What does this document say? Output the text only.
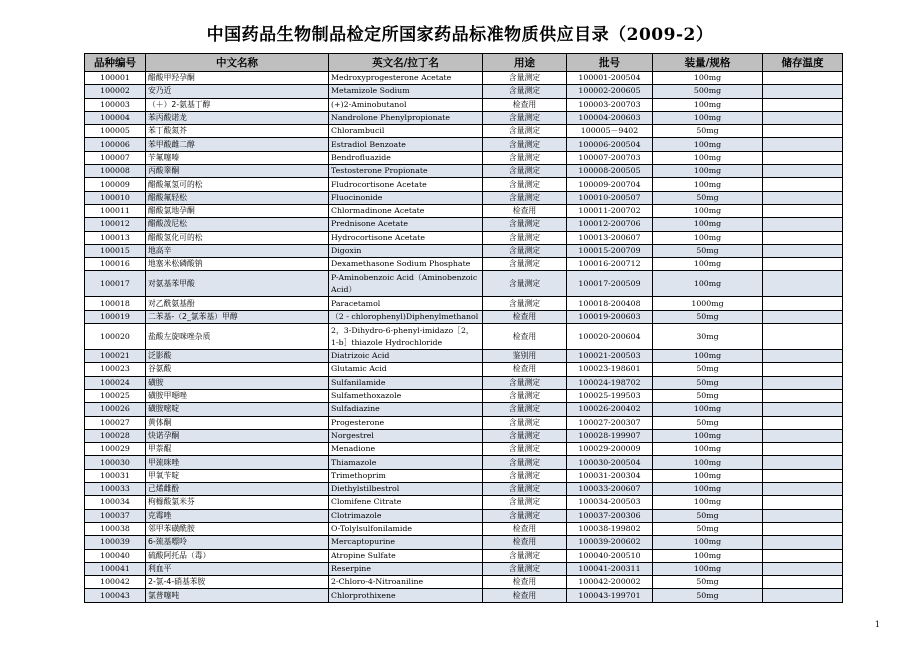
中国药品生物制品检定所国家药品标准物质供应目录（2009-2）
品种编号	中文名称	英文名/拉丁名	用途	批号	装量/规格	储存温度
100001	醋酸甲羟孕酮	Medroxyprogesterone Acetate	含量测定	100001-200504	100mg	
100002	安乃近	Metamizole Sodium	含量测定	100002-200605	500mg	
100003	（＋）2-氨基丁醇	(+)2-Aminobutanol	检查用	100003-200703	100mg	
100004	苯丙酸诺龙	Nandrolone Phenylpropionate	含量测定	100004-200603	100mg	
100005	苯丁酸氮芥	Chlorambucil	含量测定	100005－9402	50mg	
100006	苯甲酸雌二醇	Estradiol Benzoate	含量测定	100006-200504	100mg	
100007	苄氟噻嗪	Bendrofluazide	含量测定	100007-200703	100mg	
100008	丙酸睾酮	Testosterone Propionate	含量测定	100008-200505	100mg	
100009	醋酸氟氢可的松	Fludrocortisone Acetate	含量测定	100009-200704	100mg	
100010	醋酸氟轻松	Fluocinonide	含量测定	100010-200507	50mg	
100011	醋酸氯地孕酮	Chlormadinone Acetate	检查用	100011-200702	100mg	
100012	醋酸泼尼松	Prednisone Acetate	含量测定	100012-200706	100mg	
100013	醋酸氢化可的松	Hydrocortisone Acetate	含量测定	100013-200607	100mg	
100015	地高辛	Digoxin	含量测定	100015-200709	50mg	
100016	地塞米松磷酸钠	Dexamethasone Sodium Phosphate	含量测定	100016-200712	100mg	
100017	对氨基苯甲酸	P-Aminobenzoic Acid（Aminobenzoic Acid）	含量测定	100017-200509	100mg	
100018	对乙酰氨基酚	Paracetamol	含量测定	100018-200408	1000mg	
100019	二苯基-（2_氯苯基）甲醇	（2 - chlorophenyl)Diphenylmethanol	检查用	100019-200603	50mg	
100020	盐酸左旋咪唑杂质	2，3-Dihydro-6-phenyl-imidazo［2，1-b］thiazole Hydrochloride	检查用	100020-200604	30mg	
100021	泛影酸	Diatrizoic Acid	鉴别用	100021-200503	100mg	
100023	谷氨酸	Glutamic Acid	检查用	100023-198601	50mg	
100024	磺胺	Sulfanilamide	含量测定	100024-198702	50mg	
100025	磺胺甲噁唑	Sulfamethoxazole	含量测定	100025-199503	50mg	
100026	磺胺嘧啶	Sulfadiazine	含量测定	100026-200402	100mg	
100027	黄体酮	Progesterone	含量测定	100027-200307	50mg	
100028	炔诺孕酮	Norgestrel	含量测定	100028-199907	100mg	
100029	甲萘醌	Menadione	含量测定	100029-200009	100mg	
100030	甲巯咪唑	Thiamazole	含量测定	100030-200504	100mg	
100031	甲氧苄啶	Trimethoprim	含量测定	100031-200304	100mg	
100033	己烯雌酚	Diethylstilbestrol	含量测定	100033-200607	100mg	
100034	枸橼酸氯米芬	Clomifene Citrate	含量测定	100034-200503	100mg	
100037	克霉唑	Clotrimazole	含量测定	100037-200306	50mg	
100038	邻甲苯磺酰胺	O-Tolylsulfonilamide	检查用	100038-199802	50mg	
100039	6-巯基嘌呤	Mercaptopurine	检查用	100039-200602	100mg	
100040	硫酸阿托品（毒）	Atropine Sulfate	含量测定	100040-200510	100mg	
100041	利血平	Reserpine	含量测定	100041-200311	100mg	
100042	2-氯-4-硝基苯胺	2-Chloro-4-Nitroaniline	检查用	100042-200002	50mg	
100043	氯普噻吨	Chlorprothixene	检查用	100043-199701	50mg	
1
